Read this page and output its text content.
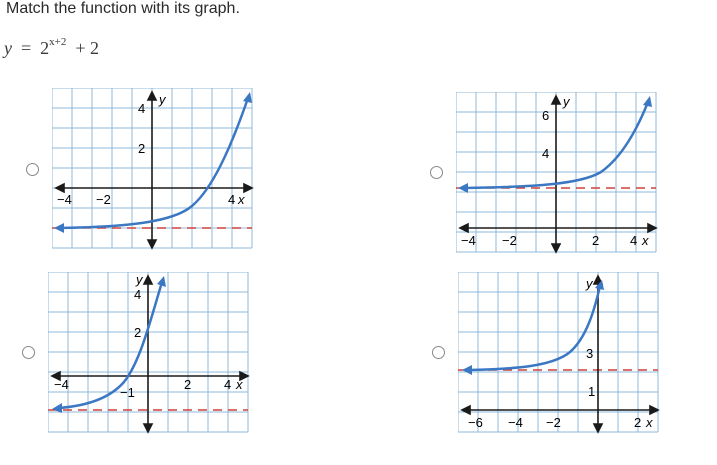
Match the function with its graph.
$y = 2^{x+2} + 2$
y
4
2
−4 −2	4 x
y
6
4
−4 −2	2 4 x
y
4
2
−4
−1
2	4 x
y
3
1
−6 −4 −2	2 x
